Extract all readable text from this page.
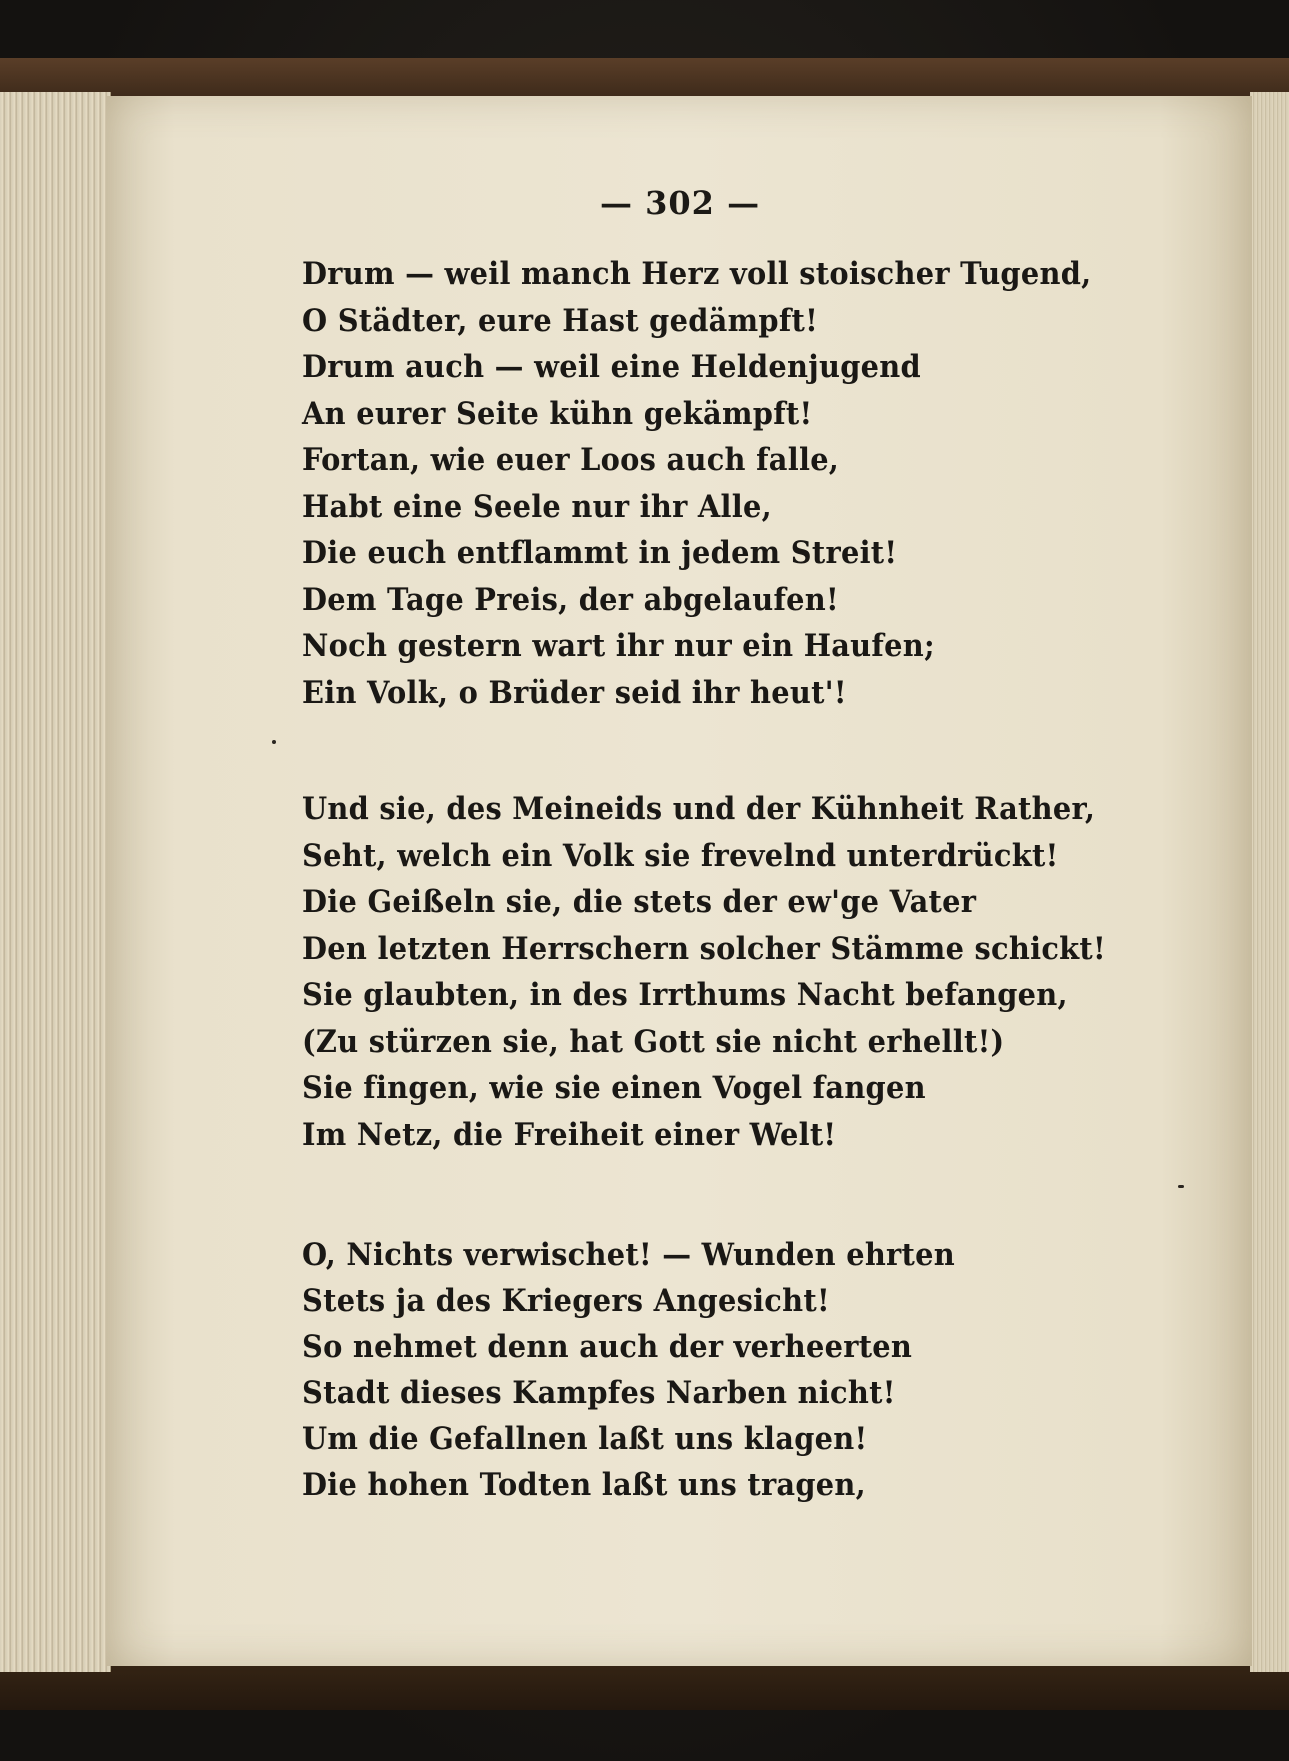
— 302 —
Drum — weil manch Herz voll stoischer Tugend,
O Städter, eure Hast gedämpft!
Drum auch — weil eine Heldenjugend
An eurer Seite kühn gekämpft!
Fortan, wie euer Loos auch falle,
Habt eine Seele nur ihr Alle,
Die euch entflammt in jedem Streit!
Dem Tage Preis, der abgelaufen!
Noch gestern wart ihr nur ein Haufen;
Ein Volk, o Brüder seid ihr heut'!
Und sie, des Meineids und der Kühnheit Rather,
Seht, welch ein Volk sie frevelnd unterdrückt!
Die Geißeln sie, die stets der ew'ge Vater
Den letzten Herrschern solcher Stämme schickt!
Sie glaubten, in des Irrthums Nacht befangen,
(Zu stürzen sie, hat Gott sie nicht erhellt!)
Sie fingen, wie sie einen Vogel fangen
Im Netz, die Freiheit einer Welt!
O, Nichts verwischet! — Wunden ehrten
Stets ja des Kriegers Angesicht!
So nehmet denn auch der verheerten
Stadt dieses Kampfes Narben nicht!
Um die Gefallnen laßt uns klagen!
Die hohen Todten laßt uns tragen,
